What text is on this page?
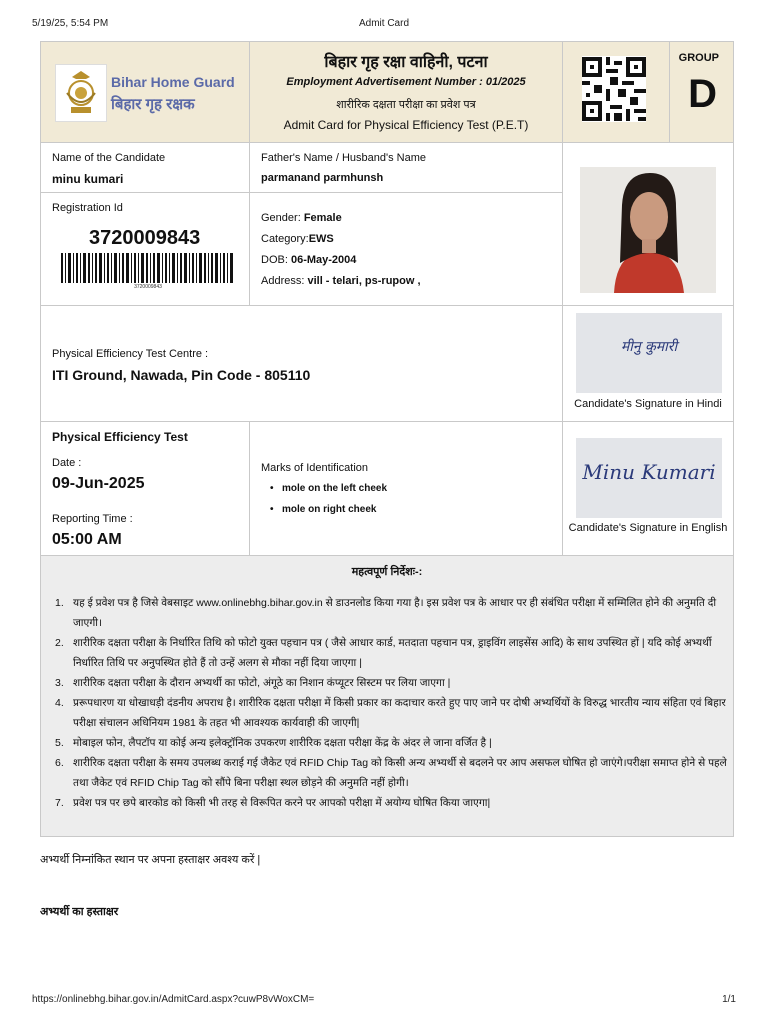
5/19/25, 5:54 PM	Admit Card
Bihar Home Guard
बिहार गृह रक्षक
बिहार गृह रक्षा वाहिनी, पटना
Employment Advertisement Number : 01/2025
शारीरिक दक्षता परीक्षा का प्रवेश पत्र
Admit Card for Physical Efficiency Test (P.E.T)
GROUP
D
Name of the Candidate
minu kumari
Father's Name / Husband's Name
parmanand parmhunsh
Registration Id
3720009843
3720009843
Gender: Female
Category:EWS
DOB: 06-May-2004
Address: vill - telari, ps-rupow ,
Physical Efficiency Test Centre :
ITI Ground, Nawada, Pin Code - 805110
मीनु कुमारी
Candidate's Signature in Hindi
Physical Efficiency Test
Date :
09-Jun-2025
Reporting Time :
05:00 AM
Marks of Identification
• mole on the left cheek
• mole on right cheek
Minu Kumari
Candidate's Signature in English
महत्वपूर्ण निर्देशः-:
1. यह ई प्रवेश पत्र है जिसे वेबसाइट www.onlinebhg.bihar.gov.in से डाउनलोड किया गया है। इस प्रवेश पत्र के आधार पर ही संबंधित परीक्षा में सम्मिलित होने की अनुमति दी जाएगी।
2. शारीरिक दक्षता परीक्षा के निर्धारित तिथि को फोटो युक्त पहचान पत्र ( जैसे आधार कार्ड, मतदाता पहचान पत्र, ड्राइविंग लाइसेंस आदि) के साथ उपस्थित हों | यदि कोई अभ्यर्थी निर्धारित तिथि पर अनुपस्थित होते हैं तो उन्हें अलग से मौका नहीं दिया जाएगा |
3. शारीरिक दक्षता परीक्षा के दौरान अभ्यर्थी का फोटो, अंगूठे का निशान कंप्यूटर सिस्टम पर लिया जाएगा |
4. प्ररूपधारण या धोखाधड़ी दंडनीय अपराध है। शारीरिक दक्षता परीक्षा में किसी प्रकार का कदाचार करते हुए पाए जाने पर दोषी अभ्यर्थियों के विरुद्ध भारतीय न्याय संहिता एवं बिहार परीक्षा संचालन अधिनियम 1981 के तहत भी आवश्यक कार्यवाही की जाएगी|
5. मोबाइल फोन, लैपटॉप या कोई अन्य इलेक्ट्रॉनिक उपकरण शारीरिक दक्षता परीक्षा केंद्र के अंदर ले जाना वर्जित है |
6. शारीरिक दक्षता परीक्षा के समय उपलब्ध कराई गई जैकेट एवं RFID Chip Tag को किसी अन्य अभ्यर्थी से बदलने पर आप असफल घोषित हो जाएंगे।परीक्षा समाप्त होने से पहले तथा जैकेट एवं RFID Chip Tag को सौंपे बिना परीक्षा स्थल छोड़ने की अनुमति नहीं होगी।
7. प्रवेश पत्र पर छपे बारकोड को किसी भी तरह से विरूपित करने पर आपको परीक्षा में अयोग्य घोषित किया जाएगा|
अभ्यर्थी निम्नांकित स्थान पर अपना हस्ताक्षर अवश्य करें |
अभ्यर्थी का हस्ताक्षर
https://onlinebhg.bihar.gov.in/AdmitCard.aspx?cuwP8vWoxCM=	1/1
